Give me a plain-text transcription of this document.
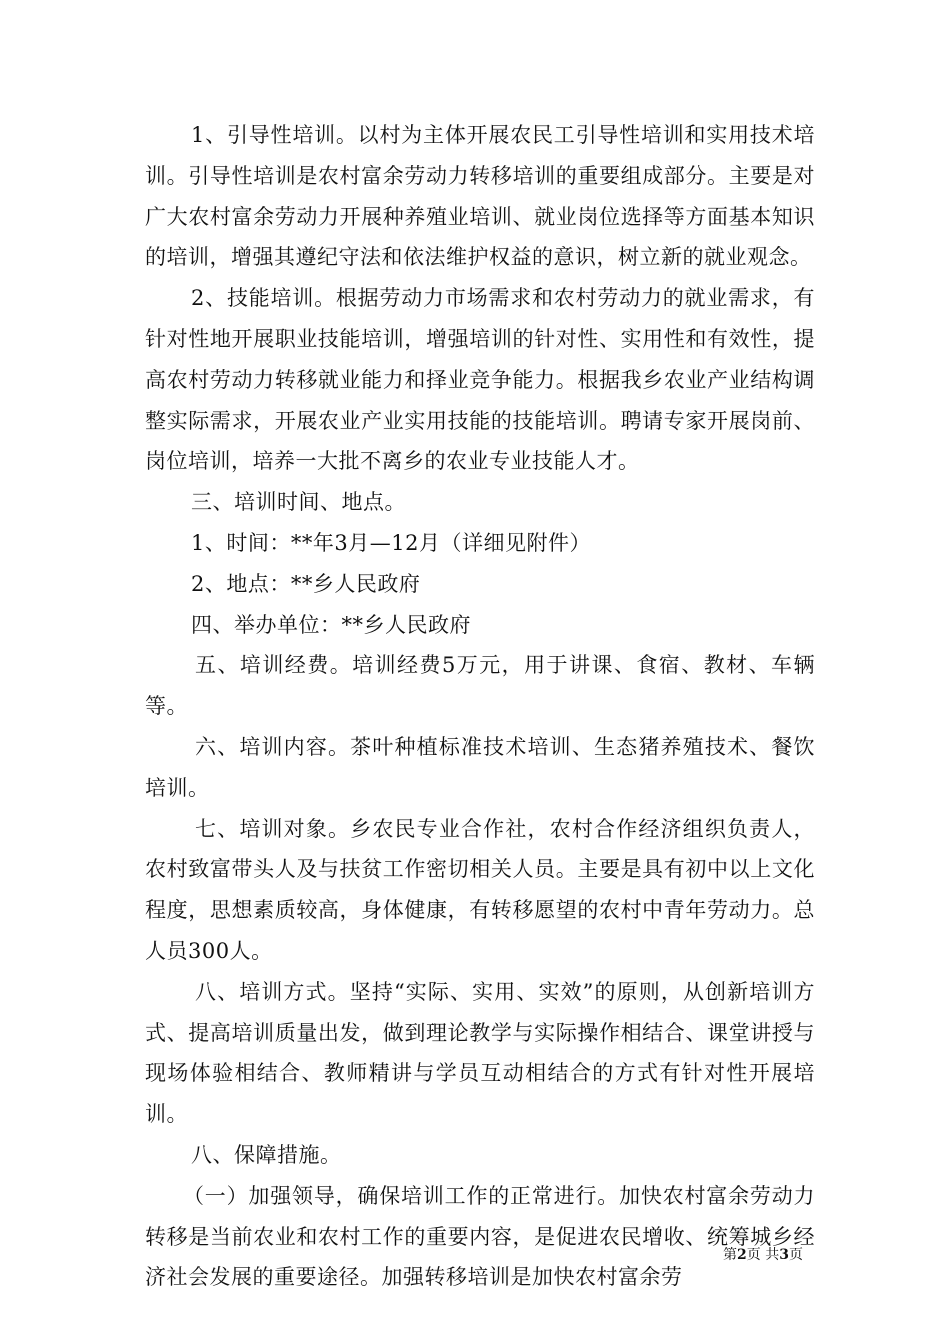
1、引导性培训。以村为主体开展农民工引导性培训和实用技术培训。引导性培训是农村富余劳动力转移培训的重要组成部分。主要是对广大农村富余劳动力开展种养殖业培训、就业岗位选择等方面基本知识的培训，增强其遵纪守法和依法维护权益的意识，树立新的就业观念。

2、技能培训。根据劳动力市场需求和农村劳动力的就业需求，有针对性地开展职业技能培训，增强培训的针对性、实用性和有效性，提高农村劳动力转移就业能力和择业竞争能力。根据我乡农业产业结构调整实际需求，开展农业产业实用技能的技能培训。聘请专家开展岗前、岗位培训，培养一大批不离乡的农业专业技能人才。

三、培训时间、地点。

1、时间：**年3月—12月（详细见附件）

2、地点：**乡人民政府

四、举办单位：**乡人民政府

五、培训经费。培训经费5万元，用于讲课、食宿、教材、车辆等。

六、培训内容。茶叶种植标准技术培训、生态猪养殖技术、餐饮培训。

七、培训对象。乡农民专业合作社，农村合作经济组织负责人，农村致富带头人及与扶贫工作密切相关人员。主要是具有初中以上文化程度，思想素质较高，身体健康，有转移愿望的农村中青年劳动力。总人员300人。

八、培训方式。坚持“实际、实用、实效”的原则，从创新培训方式、提高培训质量出发，做到理论教学与实际操作相结合、课堂讲授与现场体验相结合、教师精讲与学员互动相结合的方式有针对性开展培训。

八、保障措施。

（一）加强领导，确保培训工作的正常进行。加快农村富余劳动力转移是当前农业和农村工作的重要内容，是促进农民增收、统筹城乡经济社会发展的重要途径。加强转移培训是加快农村富余劳

第2页 共3页
